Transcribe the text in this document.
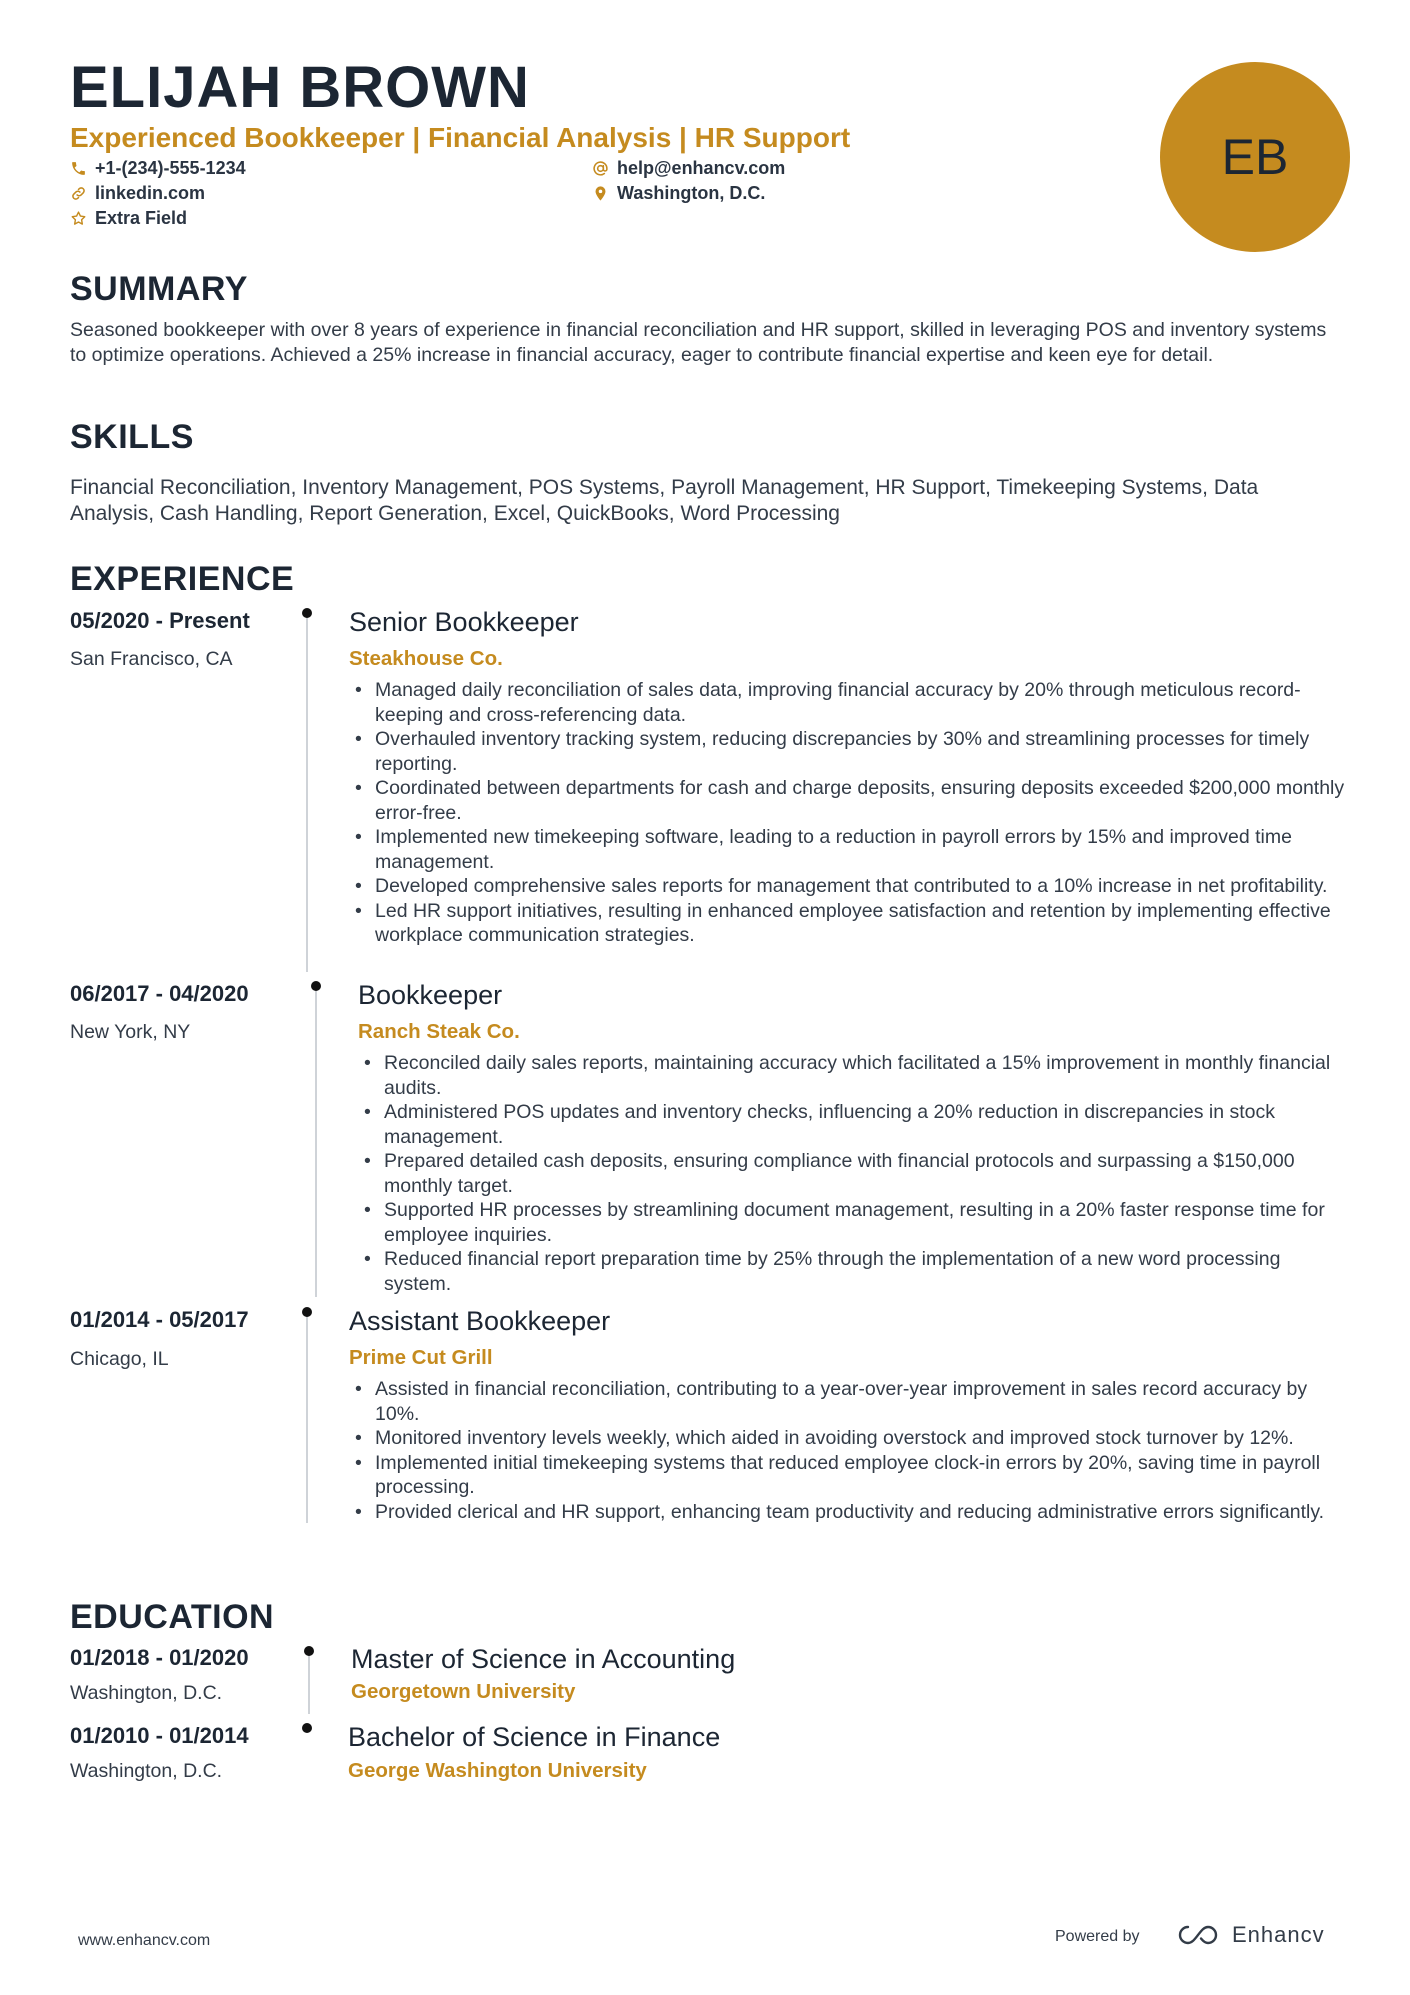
ELIJAH BROWN
Experienced Bookkeeper | Financial Analysis | HR Support
+1-(234)-555-1234	help@enhancv.com
linkedin.com	Washington, D.C.
Extra Field
EB
SUMMARY

Seasoned bookkeeper with over 8 years of experience in financial reconciliation and HR support, skilled in leveraging POS and inventory systems to optimize operations. Achieved a 25% increase in financial accuracy, eager to contribute financial expertise and keen eye for detail.

SKILLS

Financial Reconciliation, Inventory Management, POS Systems, Payroll Management, HR Support, Timekeeping Systems, Data Analysis, Cash Handling, Report Generation, Excel, QuickBooks, Word Processing

EXPERIENCE
05/2020 - Present
San Francisco, CA
Senior Bookkeeper
Steakhouse Co.
• Managed daily reconciliation of sales data, improving financial accuracy by 20% through meticulous record-keeping and cross-referencing data.
• Overhauled inventory tracking system, reducing discrepancies by 30% and streamlining processes for timely reporting.
• Coordinated between departments for cash and charge deposits, ensuring deposits exceeded $200,000 monthly error-free.
• Implemented new timekeeping software, leading to a reduction in payroll errors by 15% and improved time management.
• Developed comprehensive sales reports for management that contributed to a 10% increase in net profitability.
• Led HR support initiatives, resulting in enhanced employee satisfaction and retention by implementing effective workplace communication strategies.
06/2017 - 04/2020
New York, NY
Bookkeeper
Ranch Steak Co.
• Reconciled daily sales reports, maintaining accuracy which facilitated a 15% improvement in monthly financial audits.
• Administered POS updates and inventory checks, influencing a 20% reduction in discrepancies in stock management.
• Prepared detailed cash deposits, ensuring compliance with financial protocols and surpassing a $150,000 monthly target.
• Supported HR processes by streamlining document management, resulting in a 20% faster response time for employee inquiries.
• Reduced financial report preparation time by 25% through the implementation of a new word processing system.
01/2014 - 05/2017
Chicago, IL
Assistant Bookkeeper
Prime Cut Grill
• Assisted in financial reconciliation, contributing to a year-over-year improvement in sales record accuracy by 10%.
• Monitored inventory levels weekly, which aided in avoiding overstock and improved stock turnover by 12%.
• Implemented initial timekeeping systems that reduced employee clock-in errors by 20%, saving time in payroll processing.
• Provided clerical and HR support, enhancing team productivity and reducing administrative errors significantly.
EDUCATION
01/2018 - 01/2020
Washington, D.C.
Master of Science in Accounting
Georgetown University
01/2010 - 01/2014
Washington, D.C.
Bachelor of Science in Finance
George Washington University
www.enhancv.com	Powered by	Enhancv
